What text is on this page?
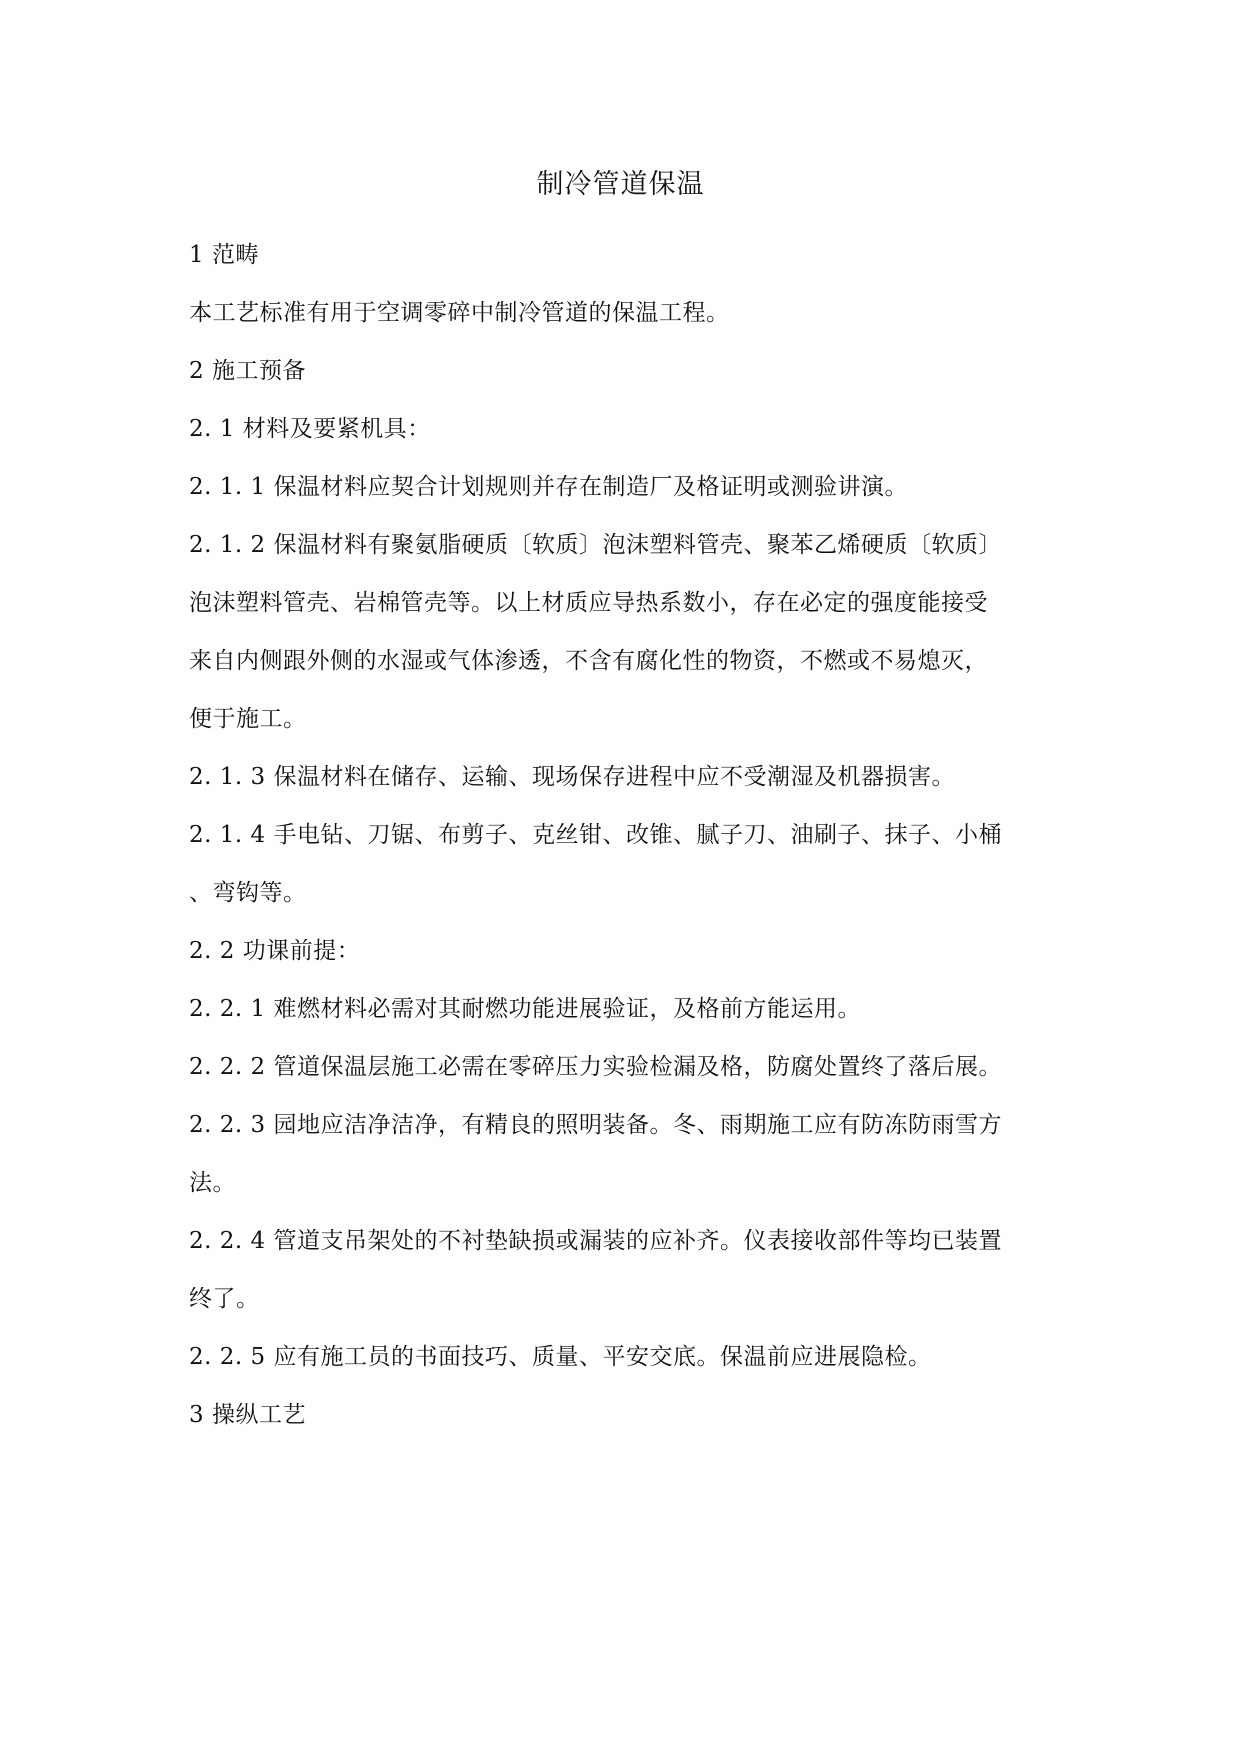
制冷管道保温

1 范畴

本工艺标准有用于空调零碎中制冷管道的保温工程。

2 施工预备

2. 1 材料及要紧机具：

2. 1. 1 保温材料应契合计划规则并存在制造厂及格证明或测验讲演。

2. 1. 2 保温材料有聚氨脂硬质〔软质〕泡沫塑料管壳、聚苯乙烯硬质〔软质〕

泡沫塑料管壳、岩棉管壳等。以上材质应导热系数小，存在必定的强度能接受

来自内侧跟外侧的水湿或气体渗透，不含有腐化性的物资，不燃或不易熄灭，

便于施工。

2. 1. 3 保温材料在储存、运输、现场保存进程中应不受潮湿及机器损害。

2. 1. 4 手电钻、刀锯、布剪子、克丝钳、改锥、腻子刀、油刷子、抹子、小桶

、弯钩等。

2. 2 功课前提：

2. 2. 1 难燃材料必需对其耐燃功能进展验证，及格前方能运用。

2. 2. 2 管道保温层施工必需在零碎压力实验检漏及格，防腐处置终了落后展。

2. 2. 3 园地应洁净洁净，有精良的照明装备。冬、雨期施工应有防冻防雨雪方

法。

2. 2. 4 管道支吊架处的不衬垫缺损或漏装的应补齐。仪表接收部件等均已装置

终了。

2. 2. 5 应有施工员的书面技巧、质量、平安交底。保温前应进展隐检。

3 操纵工艺
